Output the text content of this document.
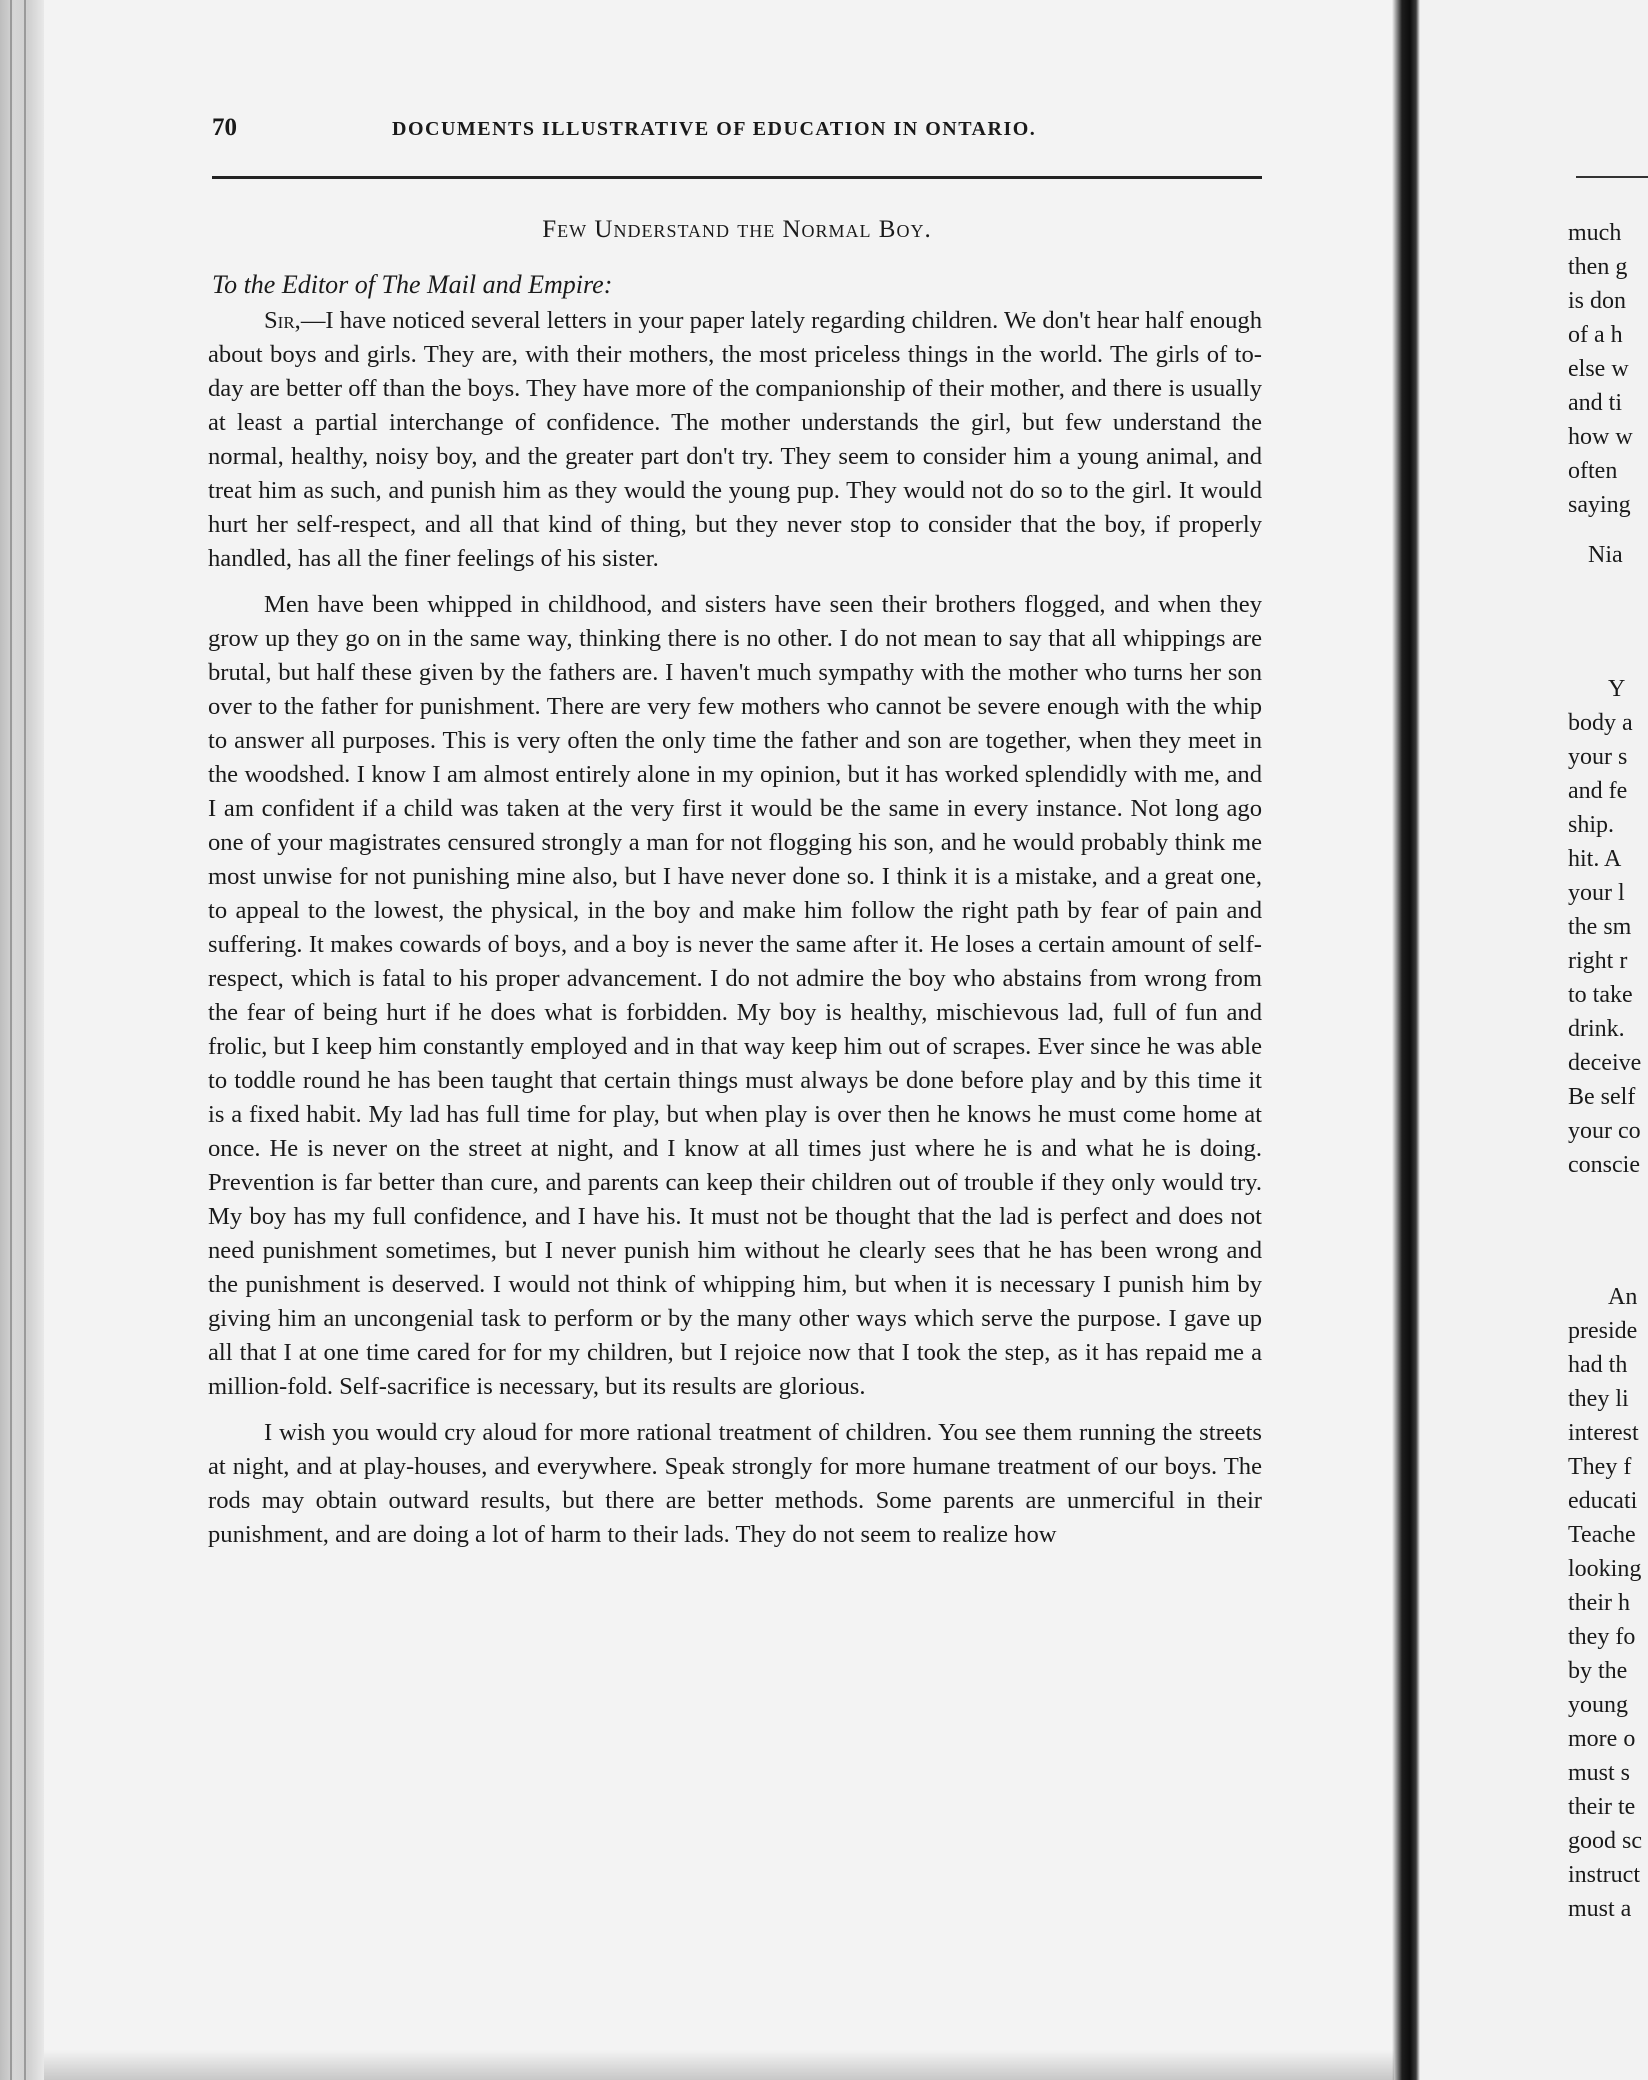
70	DOCUMENTS ILLUSTRATIVE OF EDUCATION IN ONTARIO.
Few Understand the Normal Boy.
To the Editor of The Mail and Empire:

Sir,—I have noticed several letters in your paper lately regarding children. We don't hear half enough about boys and girls. They are, with their mothers, the most priceless things in the world. The girls of to-day are better off than the boys. They have more of the companionship of their mother, and there is usually at least a partial interchange of confidence. The mother understands the girl, but few understand the normal, healthy, noisy boy, and the greater part don't try. They seem to consider him a young animal, and treat him as such, and punish him as they would the young pup. They would not do so to the girl. It would hurt her self-respect, and all that kind of thing, but they never stop to consider that the boy, if properly handled, has all the finer feelings of his sister.

Men have been whipped in childhood, and sisters have seen their brothers flogged, and when they grow up they go on in the same way, thinking there is no other. I do not mean to say that all whippings are brutal, but half these given by the fathers are. I haven't much sympathy with the mother who turns her son over to the father for punishment. There are very few mothers who cannot be severe enough with the whip to answer all purposes. This is very often the only time the father and son are together, when they meet in the woodshed. I know I am almost entirely alone in my opinion, but it has worked splendidly with me, and I am confident if a child was taken at the very first it would be the same in every instance. Not long ago one of your magistrates censured strongly a man for not flogging his son, and he would probably think me most unwise for not punishing mine also, but I have never done so. I think it is a mistake, and a great one, to appeal to the lowest, the physical, in the boy and make him follow the right path by fear of pain and suffering. It makes cowards of boys, and a boy is never the same after it. He loses a certain amount of self-respect, which is fatal to his proper advancement. I do not admire the boy who abstains from wrong from the fear of being hurt if he does what is forbidden. My boy is healthy, mischievous lad, full of fun and frolic, but I keep him constantly employed and in that way keep him out of scrapes. Ever since he was able to toddle round he has been taught that certain things must always be done before play and by this time it is a fixed habit. My lad has full time for play, but when play is over then he knows he must come home at once. He is never on the street at night, and I know at all times just where he is and what he is doing. Prevention is far better than cure, and parents can keep their children out of trouble if they only would try. My boy has my full confidence, and I have his. It must not be thought that the lad is perfect and does not need punishment sometimes, but I never punish him without he clearly sees that he has been wrong and the punishment is deserved. I would not think of whipping him, but when it is necessary I punish him by giving him an uncongenial task to perform or by the many other ways which serve the purpose. I gave up all that I at one time cared for for my children, but I rejoice now that I took the step, as it has repaid me a million-fold. Self-sacrifice is necessary, but its results are glorious.

I wish you would cry aloud for more rational treatment of children. You see them running the streets at night, and at play-houses, and everywhere. Speak strongly for more humane treatment of our boys. The rods may obtain outward results, but there are better methods. Some parents are unmerciful in their punishment, and are doing a lot of harm to their lads. They do not seem to realize how

much
then g
is don
of a h
else w
and ti
how w
often
saying
Nia
Y
body a
your s
and fe
ship.
hit. A
your l
the sm
right r
to take
drink.
deceive
Be self
your co
conscie
An
preside
had th
they li
interest
They f
educati
Teache
looking
their h
they fo
by the
young
more o
must s
their te
good sc
instruct
must a
